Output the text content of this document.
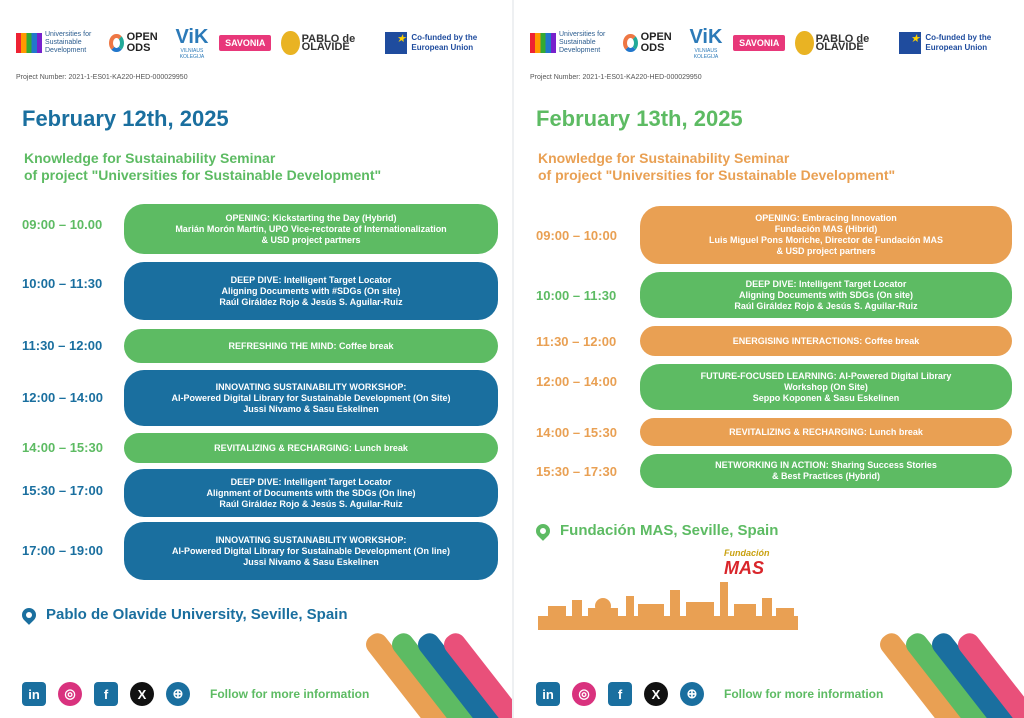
Universities for Sustainable Development
OPEN ODS	ViK
VILNIAUS KOLEGIJA
SAVONIA	PABLO de OLAVIDE
★
Co-funded by the European Union
Project Number: 2021-1-ES01-KA220-HED-000029950
February 12th, 2025
Knowledge for Sustainability Seminar
of project "Universities for Sustainable Development"
09:00 – 10.00	OPENING: Kickstarting the Day (Hybrid)
Marián Morón Martín, UPO Vice-rectorate of Internationalization
& USD project partners
10:00 – 11:30	DEEP DIVE: Intelligent Target Locator
Aligning Documents with #SDGs (On site)
Raúl Giráldez Rojo & Jesús S. Aguilar-Ruiz
11:30 – 12:00	REFRESHING THE MIND: Coffee break
12:00 – 14:00
INNOVATING SUSTAINABILITY WORKSHOP:
AI-Powered Digital Library for Sustainable Development (On Site)
Jussi Nivamo & Sasu Eskelinen
14:00 – 15:30	REVITALIZING & RECHARGING: Lunch break
15:30 – 17:00
DEEP DIVE: Intelligent Target Locator
Alignment of Documents with the SDGs (On line)
Raúl Giráldez Rojo & Jesús S. Aguilar-Ruiz
17:00 – 19:00
INNOVATING SUSTAINABILITY WORKSHOP:
AI-Powered Digital Library for Sustainable Development (On line)
Jussi Nivamo & Sasu Eskelinen
Pablo de Olavide University, Seville, Spain
in	◎	f	X	⊕	Follow for more information
Universities for Sustainable Development
OPEN ODS	ViK
VILNIAUS KOLEGIJA
SAVONIA	PABLO de OLAVIDE
★
Co-funded by the European Union
Project Number: 2021-1-ES01-KA220-HED-000029950
February 13th, 2025
Knowledge for Sustainability Seminar
of project "Universities for Sustainable Development"
09:00 – 10:00
OPENING: Embracing Innovation
Fundación MAS (Hibrid)
Luis Miguel Pons Moriche, Director de Fundación MAS
& USD project partners
10:00 – 11:30
DEEP DIVE: Intelligent Target Locator
Aligning Documents with SDGs (On site)
Raúl Giráldez Rojo & Jesús S. Aguilar-Ruiz
11:30 – 12:00	ENERGISING INTERACTIONS: Coffee break
12:00 – 14:00	FUTURE-FOCUSED LEARNING: AI-Powered Digital Library
Workshop (On Site)
Seppo Koponen & Sasu Eskelinen
14:00 – 15:30	REVITALIZING & RECHARGING: Lunch break
15:30 – 17:30	NETWORKING IN ACTION: Sharing Success Stories
& Best Practices (Hybrid)
Fundación MAS, Seville, Spain
Fundación
MAS
in	◎	f	X	⊕	Follow for more information
